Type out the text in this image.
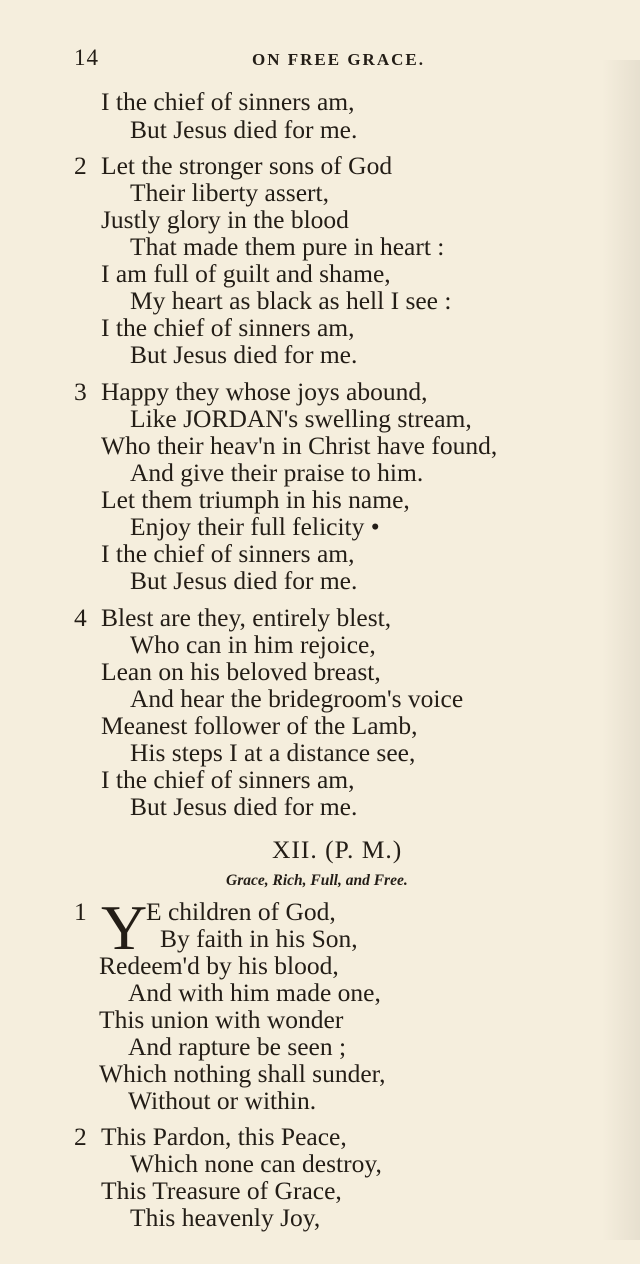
14	ON FREE GRACE.
I the chief of sinners am,
But Jesus died for me.
2 Let the stronger sons of God
Their liberty assert,
Justly glory in the blood
That made them pure in heart :
I am full of guilt and shame,
My heart as black as hell I see :
I the chief of sinners am,
But Jesus died for me.
3 Happy they whose joys abound,
Like JORDAN's swelling stream,
Who their heav'n in Christ have found,
And give their praise to him.
Let them triumph in his name,
Enjoy their full felicity •
I the chief of sinners am,
But Jesus died for me.
4 Blest are they, entirely blest,
Who can in him rejoice,
Lean on his beloved breast,
And hear the bridegroom's voice
Meanest follower of the Lamb,
His steps I at a distance see,
I the chief of sinners am,
But Jesus died for me.
XII. (P. M.)
Grace, Rich, Full, and Free.
1 Y
E children of God,
By faith in his Son,
Redeem'd by his blood,
And with him made one,
This union with wonder
And rapture be seen ;
Which nothing shall sunder,
Without or within.
2 This Pardon, this Peace,
Which none can destroy,
This Treasure of Grace,
This heavenly Joy,
